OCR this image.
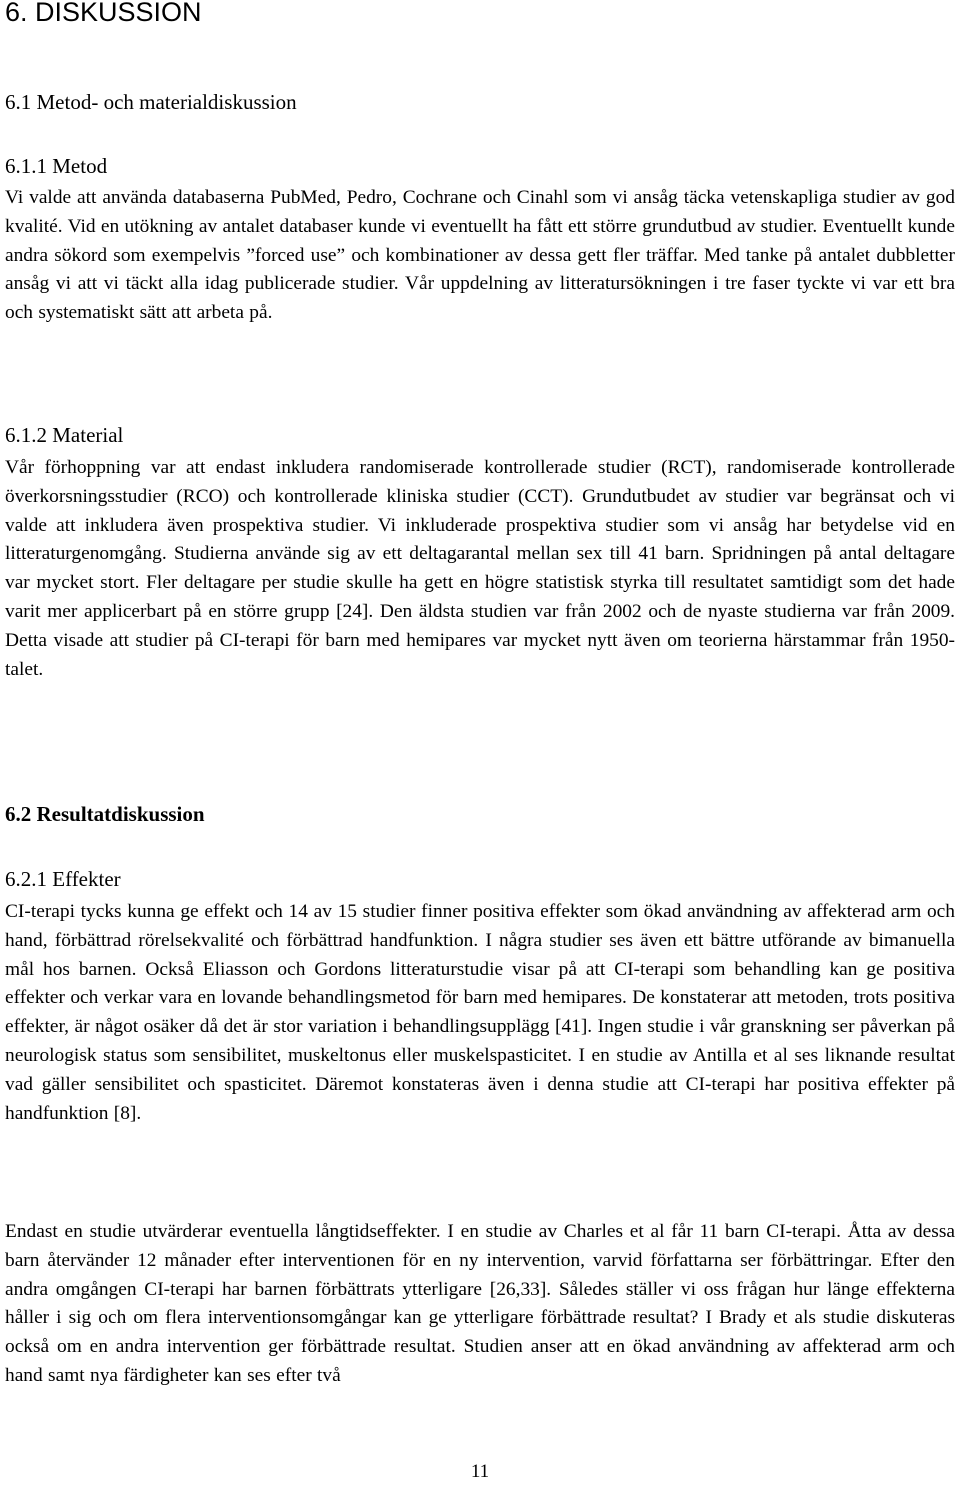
6. DISKUSSION
6.1 Metod- och materialdiskussion
6.1.1 Metod

Vi valde att använda databaserna PubMed, Pedro, Cochrane och Cinahl som vi ansåg täcka vetenskapliga studier av god kvalité. Vid en utökning av antalet databaser kunde vi eventuellt ha fått ett större grundutbud av studier. Eventuellt kunde andra sökord som exempelvis ”forced use” och kombinationer av dessa gett fler träffar. Med tanke på antalet dubbletter ansåg vi att vi täckt alla idag publicerade studier. Vår uppdelning av litteratursökningen i tre faser tyckte vi var ett bra och systematiskt sätt att arbeta på.

6.1.2 Material

Vår förhoppning var att endast inkludera randomiserade kontrollerade studier (RCT), randomiserade kontrollerade överkorsningsstudier (RCO) och kontrollerade kliniska studier (CCT). Grundutbudet av studier var begränsat och vi valde att inkludera även prospektiva studier. Vi inkluderade prospektiva studier som vi ansåg har betydelse vid en litteraturgenomgång. Studierna använde sig av ett deltagarantal mellan sex till 41 barn. Spridningen på antal deltagare var mycket stort. Fler deltagare per studie skulle ha gett en högre statistisk styrka till resultatet samtidigt som det hade varit mer applicerbart på en större grupp [24]. Den äldsta studien var från 2002 och de nyaste studierna var från 2009. Detta visade att studier på CI-terapi för barn med hemipares var mycket nytt även om teorierna härstammar från 1950-talet.

6.2 Resultatdiskussion
6.2.1 Effekter

CI-terapi tycks kunna ge effekt och 14 av 15 studier finner positiva effekter som ökad användning av affekterad arm och hand, förbättrad rörelsekvalité och förbättrad handfunktion. I några studier ses även ett bättre utförande av bimanuella mål hos barnen. Också Eliasson och Gordons litteraturstudie visar på att CI-terapi som behandling kan ge positiva effekter och verkar vara en lovande behandlingsmetod för barn med hemipares. De konstaterar att metoden, trots positiva effekter, är något osäker då det är stor variation i behandlingsupplägg [41]. Ingen studie i vår granskning ser påverkan på neurologisk status som sensibilitet, muskeltonus eller muskelspasticitet. I en studie av Antilla et al ses liknande resultat vad gäller sensibilitet och spasticitet. Däremot konstateras även i denna studie att CI-terapi har positiva effekter på handfunktion [8].

Endast en studie utvärderar eventuella långtidseffekter. I en studie av Charles et al får 11 barn CI-terapi. Åtta av dessa barn återvänder 12 månader efter interventionen för en ny intervention, varvid författarna ser förbättringar. Efter den andra omgången CI-terapi har barnen förbättrats ytterligare [26,33]. Således ställer vi oss frågan hur länge effekterna håller i sig och om flera interventionsomgångar kan ge ytterligare förbättrade resultat? I Brady et als studie diskuteras också om en andra intervention ger förbättrade resultat. Studien anser att en ökad användning av affekterad arm och hand samt nya färdigheter kan ses efter två

11
